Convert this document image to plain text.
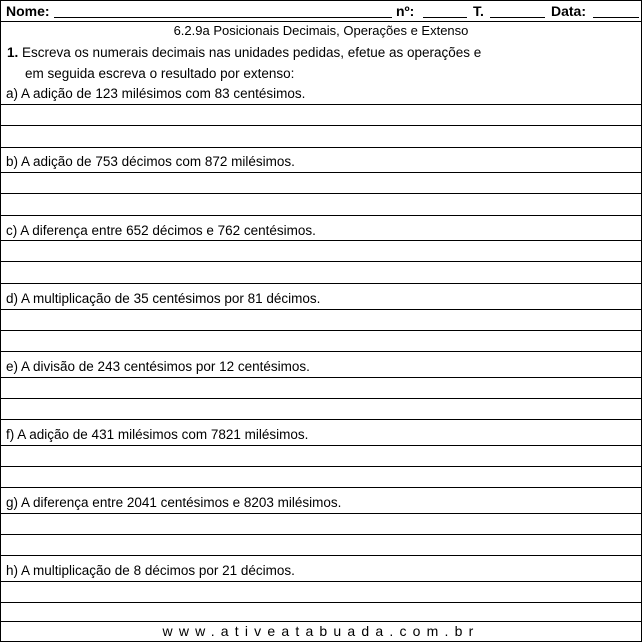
Nome:	nº:	T.	Data:
6.2.9a Posicionais Decimais, Operações e Extenso
1. Escreva os numerais decimais nas unidades pedidas, efetue as operações e
em seguida escreva o resultado por extenso:
a) A adição de 123 milésimos com 83 centésimos.
b) A adição de 753 décimos com 872 milésimos.
c) A diferença entre 652 décimos e 762 centésimos.
d) A multiplicação de 35 centésimos por 81 décimos.
e) A divisão de 243 centésimos por 12 centésimos.
f) A adição de 431 milésimos com 7821 milésimos.
g) A diferença entre 2041 centésimos e 8203 milésimos.
h) A multiplicação de 8 décimos por 21 décimos.
www.ativeatabuada.com.br
